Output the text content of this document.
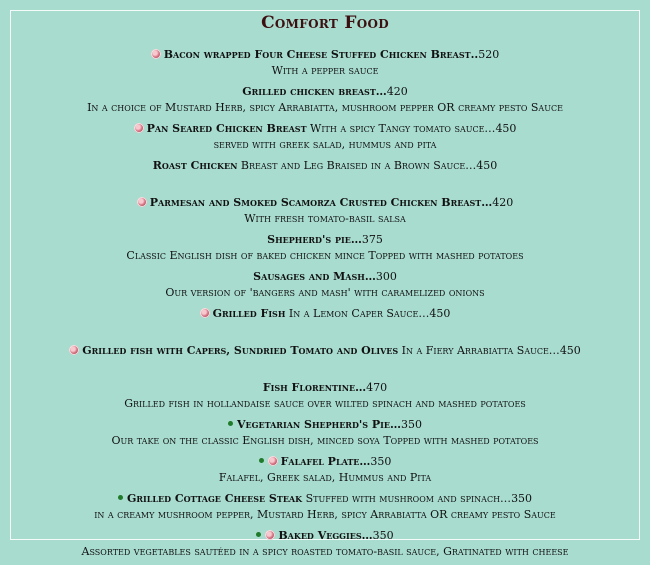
Comfort Food
Bacon wrapped Four Cheese Stuffed Chicken Breast..520
With a pepper sauce
Grilled chicken breast…420
In a choice of Mustard Herb, spicy Arrabiatta, mushroom pepper OR creamy pesto Sauce
Pan Seared Chicken Breast With a spicy Tangy tomato sauce…450
served with greek salad, hummus and pita
Roast Chicken Breast and Leg Braised in a Brown Sauce…450
Parmesan and Smoked Scamorza Crusted Chicken Breast…420
With fresh tomato-basil salsa
Shepherd's pie…375
Classic English dish of baked chicken mince Topped with mashed potatoes
Sausages and Mash…300
Our version of 'bangers and mash' with caramelized onions
Grilled Fish In a Lemon Caper Sauce…450
Grilled fish with Capers, Sundried Tomato and Olives In a Fiery Arrabiatta Sauce…450
Fish Florentine…470
Grilled fish in hollandaise sauce over wilted spinach and mashed potatoes
Vegetarian Shepherd's Pie…350
Our take on the classic English dish, minced soya Topped with mashed potatoes
Falafel Plate…350
Falafel, Greek salad, Hummus and Pita
Grilled Cottage Cheese Steak Stuffed with mushroom and spinach…350
in a creamy mushroom pepper, Mustard Herb, spicy Arrabiatta OR creamy pesto Sauce
Baked Veggies…350
Assorted vegetables sautéed in a spicy roasted tomato-basil sauce, Gratinated with cheese
